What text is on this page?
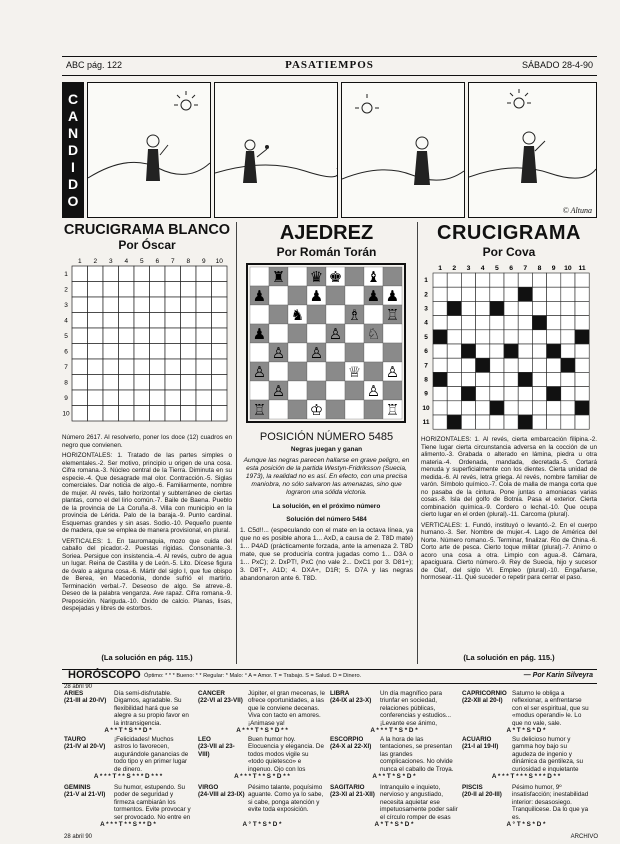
ABC pág. 122	PASATIEMPOS	SÁBADO 28-4-90
C
A
N
D
I
D
O
© Altuna
CRUCIGRAMA BLANCO
Por Óscar
1 2 3 4 5 6 7 8 9 10
1
2
3
4
5
6
7
8
9
10

Número 2617. Al resolverlo, poner los doce (12) cuadros en negro que convienen.

HORIZONTALES: 1. Tratado de las partes simples o elementales.-2. Ser motivo, principio u origen de una cosa. Cifra romana.-3. Núcleo central de la Tierra. Diminuta en su especie.-4. Que desagrade mal olor. Contracción.-5. Siglas comerciales. Dar noticia de algo.-6. Familiarmente, nombre de mujer. Al revés, tallo horizontal y subterráneo de ciertas plantas, como el del lirio común.-7. Baile de Baena. Pueblo de la provincia de La Coruña.-8. Villa con municipio en la provincia de Lérida. Palo de la baraja.-9. Punto cardinal. Esquemas grandes y sin asas. Sodio.-10. Pequeño puente de madera, que se emplea de manera provisional, en plural.

VERTICALES: 1. En tauromaquia, mozo que cuida del caballo del picador.-2. Puestas rígidas. Consonante.-3. Soriea. Persigue con insistencia.-4. Al revés, cubro de agua un lugar. Reina de Castilla y de León.-5. Lito. Dícese figura de óvalo a alguna cosa.-6. Mártir del siglo I, que fue obispo de Berea, en Macedonia, donde sufrió el martirio. Terminación verbal.-7. Deseoso de algo. Se atreve.-8. Deseo de la palabra venganza. Ave rapaz. Cifra romana.-9. Preposición. Nariguda.-10. Oxido de calcio. Planas, lisas, despejadas y libres de estorbos.

(La solución en pág. 115.)
AJEDREZ
Por Román Torán
♜ ♛ ♚ ♝
♟	♟	♟ ♟
♞	♗ ♖
♟	♙ ♘
♙ ♙
♙	♕ ♙
♙	♙
♖	♔	♖
POSICIÓN NÚMERO 5485
Negras juegan y ganan
Aunque las negras parecen hallarse en grave peligro, en esta posición de la partida Westyn-Fridriksson (Suecia, 1973), la realidad no es así. En efecto, con una precisa maniobra, no sólo salvaron las amenazas, sino que lograron una sólida victoria.
La solución, en el próximo número
Solución del número 5484
1. C5d!!... (especulando con el mate en la octava línea, ya que no es posible ahora 1... AxD, a causa de 2. T8D mate) 1... P4AD (prácticamente forzada, ante la amenaza 2. T8D mate, que se produciría contra jugadas como 1... D3A o 1... PxC); 2. DxPT!, PxC (no vale 2... DxC1 por 3. D81+); 3. D8T+, A1D; 4. DXA+, D1R; 5. D7A y las negras abandonaron ante 6. T8D.
CRUCIGRAMA
Por Cova
1 2 3 4 5 6 7 8 9 10 11
1
2
3
4
5
6
7
8
9
10
11

HORIZONTALES: 1. Al revés, cierta embarcación filipina.-2. Tiene lugar cierta circunstancia adversa en la cocción de un alimento.-3. Grabada o alterado en lámina, piedra u otra materia.-4. Ordenada, mandada, decretada.-5. Cortará menuda y superficialmente con los dientes. Cierta unidad de medida.-6. Al revés, letra griega. Al revés, nombre familiar de varón. Símbolo químico.-7. Cola de malla de manga corta que no pasaba de la cintura. Pone juntas o amoniacas varias cosas.-8. Isla del golfo de Botnia. Pasa el exterior. Cierta combinación química.-9. Cordero o lechal.-10. Que ocupa cierto lugar en el orden (plural).-11. Carcoma (plural).

VERTICALES: 1. Fundó, instituyó o levantó.-2. En el cuerpo humano.-3. Ser. Nombre de mujer.-4. Lago de América del Norte. Número romano.-5. Terminar, finalizar. Rio de China.-6. Corto arte de pesca. Cierto toque militar (plural).-7. Animo o acoro una cosa a otra. Limpio con agua.-8. Cámara, apaciguara. Cierto número.-9. Rey de Suecia, hijo y sucesor de Olaf, del siglo VI. Empleo (plural).-10. Engañarse, hormosear.-11. Qué suceder o repetir para cerrar el paso.

(La solución en pág. 115.)
HORÓSCOPO Óptimo: * * * Bueno: * * Regular: * Malo: ° A = Amor. T = Trabajo. S = Salud. D = Dinero.	— Por Karin Silveyra
28 abril 90
ARIES
(21-III al 20-IV)
Día semi-disfrutable. Digamos, agradable. Su flexibilidad hará que se alegre a su propio favor en la intransigencia.
A * * T * S * * D *
TAURO
(21-IV al 20-V)
¡Felicidades! Muchos astros lo favorecen, augurándole ganancias de todo tipo y en primer lugar de dinero.
A * * * T * * S * * * D * * *
GÉMINIS
(21-V al 21-VI)
Su humor, estupendo. Su poder de seguridad y firmeza cambiarán los tormentos. Evite provocar y ser provocado. No entre en
A * * * T * * S * * D *
CÁNCER
(22-VI al 23-VII)
Júpiter, el gran mecenas, le ofrece oportunidades, a las que le conviene decenas. Viva con tacto en amores. ¡Animase ya!
A * * * T * S * D * *
LEO
(23-VII al 23-VIII)
Buen humor hoy. Elocuencia y elegancia. De todos modos vigile su «todo quietesco» e ingenuo. Ojo con los
A * * * T * * S * D * *
VIRGO
(24-VIII al 23-IX)
Pésimo talante, poquísimo aguante. Como ya lo sabe, si cabe, ponga atención y evite toda exposición.
A ° T * S * D *
LIBRA
(24-IX al 23-X)
Un día magnífico para triunfar en sociedad, relaciones públicas, conferencias y estudios... ¡Levante ese ánimo,
A * * * T * S * D *
ESCORPIO
(24-X al 22-XI)
A la hora de las tentaciones, se presentan las grandes complicaciones. No olvide nunca el caballo de Troya.
A * * T * S * D *
SAGITARIO
(23-XI al 21-XII)
Intranquilo e inquieto, nervioso y angustiado, necesita aquietar ese impetuosamente poder salir el círculo romper de esas
A * T * S * D *
CAPRICORNIO
(22-XII al 20-I)
Saturno le obliga a reflexionar, a enfrentarse con el ser espiritual, que su «modus operandi» le. Lo que no vale, sale.
A * T * S * D *
ACUARIO
(21-I al 19-II)
Su delicioso humor y gamma hoy bajo su agudeza de ingenio y dinámica da gentileza, su curiosidad e inquietante
A * * * T * * * S * * * D * *
PISCIS
(20-II al 20-III)
Pésimo humor, 9º insatisfacción; inestabilidad interior: desasosiego. Tranquilicese. Da lo que ya es.
A ° T * S * D *
28 abril 90	ARCHIVO
